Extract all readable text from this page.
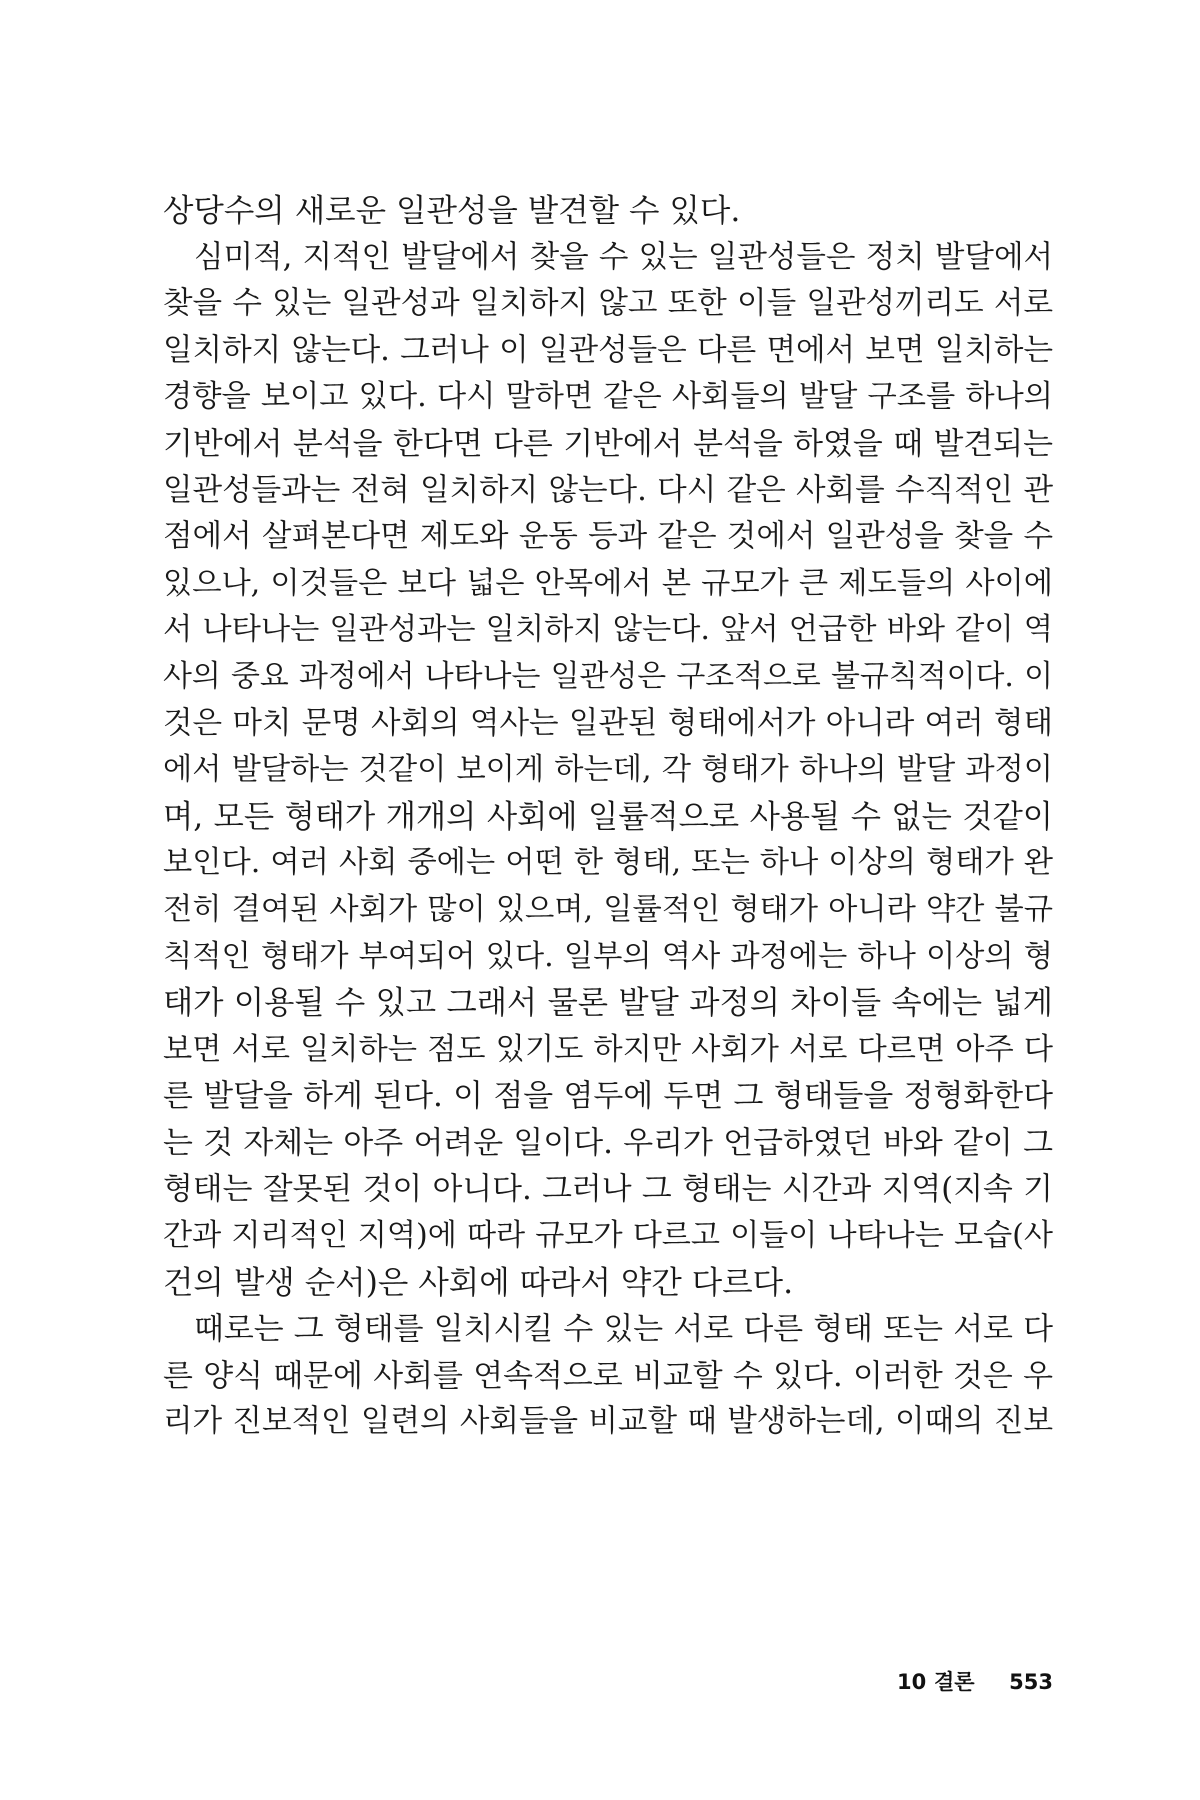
상당수의 새로운 일관성을 발견할 수 있다.
심미적, 지적인 발달에서 찾을 수 있는 일관성들은 정치 발달에서
찾을 수 있는 일관성과 일치하지 않고 또한 이들 일관성끼리도 서로
일치하지 않는다. 그러나 이 일관성들은 다른 면에서 보면 일치하는
경향을 보이고 있다. 다시 말하면 같은 사회들의 발달 구조를 하나의
기반에서 분석을 한다면 다른 기반에서 분석을 하였을 때 발견되는
일관성들과는 전혀 일치하지 않는다. 다시 같은 사회를 수직적인 관
점에서 살펴본다면 제도와 운동 등과 같은 것에서 일관성을 찾을 수
있으나, 이것들은 보다 넓은 안목에서 본 규모가 큰 제도들의 사이에
서 나타나는 일관성과는 일치하지 않는다. 앞서 언급한 바와 같이 역
사의 중요 과정에서 나타나는 일관성은 구조적으로 불규칙적이다. 이
것은 마치 문명 사회의 역사는 일관된 형태에서가 아니라 여러 형태
에서 발달하는 것같이 보이게 하는데, 각 형태가 하나의 발달 과정이
며, 모든 형태가 개개의 사회에 일률적으로 사용될 수 없는 것같이
보인다. 여러 사회 중에는 어떤 한 형태, 또는 하나 이상의 형태가 완
전히 결여된 사회가 많이 있으며, 일률적인 형태가 아니라 약간 불규
칙적인 형태가 부여되어 있다. 일부의 역사 과정에는 하나 이상의 형
태가 이용될 수 있고 그래서 물론 발달 과정의 차이들 속에는 넓게
보면 서로 일치하는 점도 있기도 하지만 사회가 서로 다르면 아주 다
른 발달을 하게 된다. 이 점을 염두에 두면 그 형태들을 정형화한다
는 것 자체는 아주 어려운 일이다. 우리가 언급하였던 바와 같이 그
형태는 잘못된 것이 아니다. 그러나 그 형태는 시간과 지역(지속 기
간과 지리적인 지역)에 따라 규모가 다르고 이들이 나타나는 모습(사
건의 발생 순서)은 사회에 따라서 약간 다르다.
때로는 그 형태를 일치시킬 수 있는 서로 다른 형태 또는 서로 다
른 양식 때문에 사회를 연속적으로 비교할 수 있다. 이러한 것은 우
리가 진보적인 일련의 사회들을 비교할 때 발생하는데, 이때의 진보
10 결론 553
